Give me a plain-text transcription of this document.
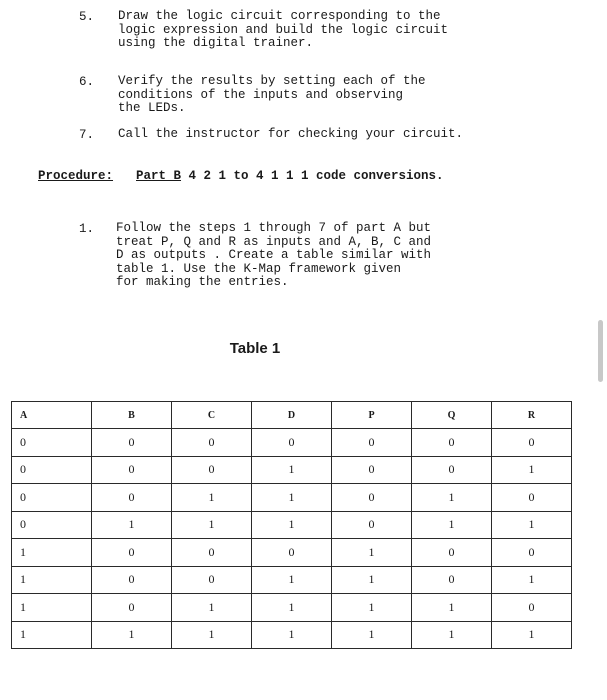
5. Draw the logic circuit corresponding to the
logic expression and build the logic circuit
using the digital trainer.
6. Verify the results by setting each of the
conditions of the inputs and observing
the LEDs.
7. Call the instructor for checking your circuit.
Procedure: Part B 4 2 1 to 4 1 1 1 code conversions.
1. Follow the steps 1 through 7 of part A but
treat P, Q and R as inputs and A, B, C and
D as outputs . Create a table similar with
table 1. Use the K-Map framework given
for making the entries.
Table 1
A	B	C	D	P	Q	R
0	0	0	0	0	0	0
0	0	0	1	0	0	1
0	0	1	1	0	1	0
0	1	1	1	0	1	1
1	0	0	0	1	0	0
1	0	0	1	1	0	1
1	0	1	1	1	1	0
1	1	1	1	1	1	1
